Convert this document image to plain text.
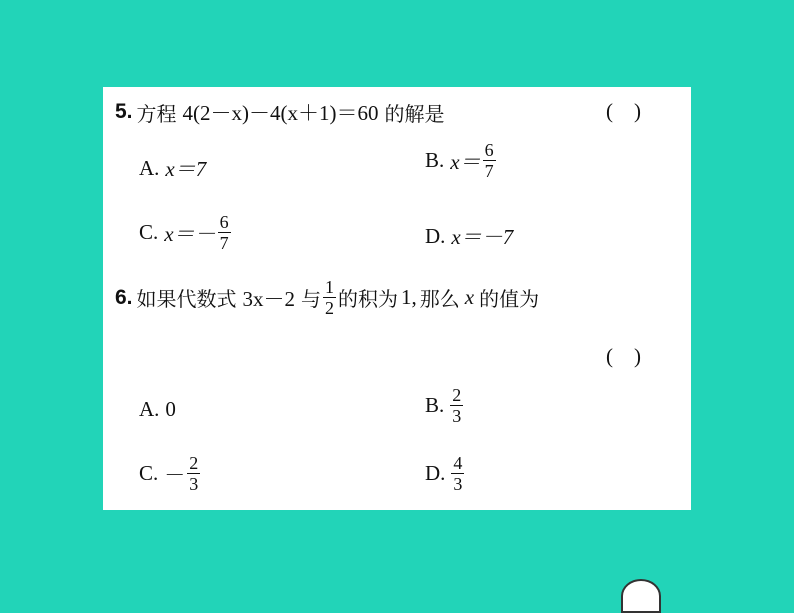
5. 方程 4(2－x)－4(x＋1)＝60 的解是	(    )
A. x＝7	B. $x= \frac{6}{7}$
C. $x=- \frac{6}{7}$	D. x＝－7
6. 如果代数式 3x－2 与 $\frac{1}{2}$ 的积为 1, 那么 x 的值为
(    )
A. 0	B. $\frac{2}{3}$
C. － $\frac{2}{3}$	D. $\frac{4}{3}$
